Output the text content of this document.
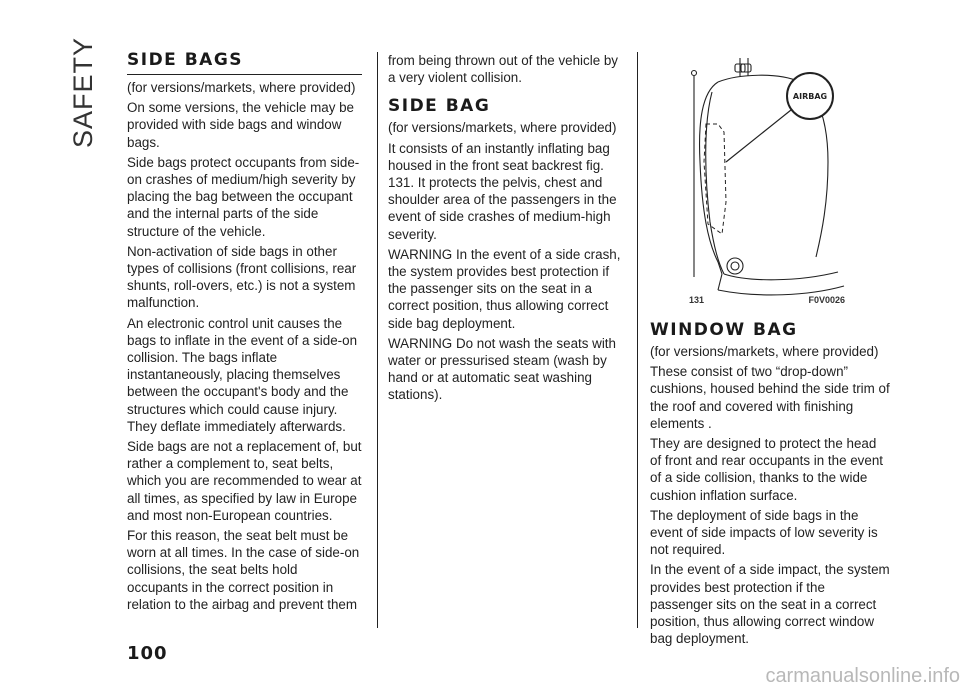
SAFETY SIDE BAGS

(for versions/markets, where provided)

On some versions, the vehicle may be provided with side bags and window bags.

Side bags protect occupants from side-on crashes of medium/high severity by placing the bag between the occupant and the internal parts of the side structure of the vehicle.

Non-activation of side bags in other types of collisions (front collisions, rear shunts, roll-overs, etc.) is not a system malfunction.

An electronic control unit causes the bags to inflate in the event of a side-on collision. The bags inflate instantaneously, placing themselves between the occupant's body and the structures which could cause injury. They deflate immediately afterwards.

Side bags are not a replacement of, but rather a complement to, seat belts, which you are recommended to wear at all times, as specified by law in Europe and most non-European countries.

For this reason, the seat belt must be worn at all times. In the case of side-on collisions, the seat belts hold occupants in the correct position in relation to the airbag and prevent them

from being thrown out of the vehicle by a very violent collision.

SIDE BAG

(for versions/markets, where provided)

It consists of an instantly inflating bag housed in the front seat backrest fig. 131. It protects the pelvis, chest and shoulder area of the passengers in the event of side crashes of medium-high severity.

WARNING In the event of a side crash, the system provides best protection if the passenger sits on the seat in a correct position, thus allowing correct side bag deployment.

WARNING Do not wash the seats with water or pressurised steam (wash by hand or at automatic seat washing stations).

AIRBAG
131	F0V0026
WINDOW BAG

(for versions/markets, where provided)

These consist of two “drop-down” cushions, housed behind the side trim of the roof and covered with finishing elements .

They are designed to protect the head of front and rear occupants in the event of a side collision, thanks to the wide cushion inflation surface.

The deployment of side bags in the event of side impacts of low severity is not required.

In the event of a side impact, the system provides best protection if the passenger sits on the seat in a correct position, thus allowing correct window bag deployment.

100
carmanualsonline.info
